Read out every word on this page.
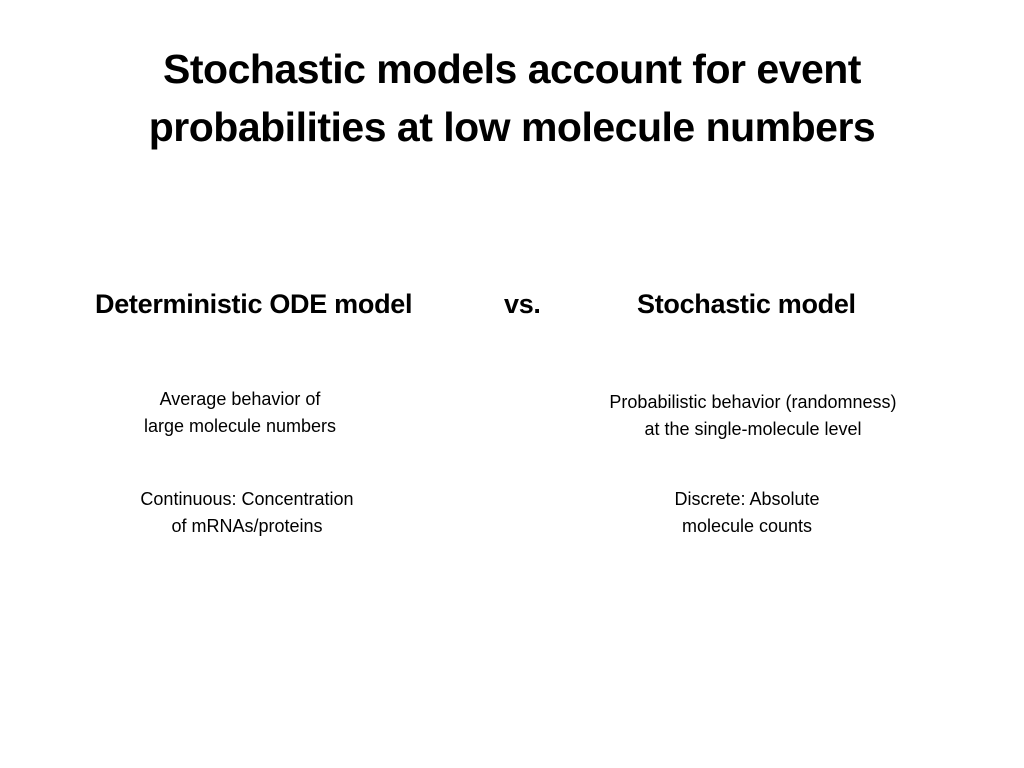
Stochastic models account for event
probabilities at low molecule numbers
Deterministic ODE model	vs.	Stochastic model
Average behavior of
large molecule numbers
Continuous: Concentration
of mRNAs/proteins
Probabilistic behavior (randomness)
at the single-molecule level
Discrete: Absolute
molecule counts
